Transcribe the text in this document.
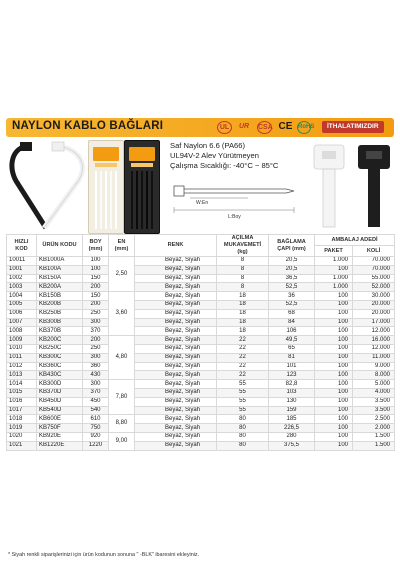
NAYLON KABLO BAĞLARI	UL	UR	CSA CE RoHS	İTHALATIMIZDIR
Saf Naylon 6.6 (PA66)
UL94V-2 Alev Yürütmeyen
Çalışma Sıcaklığı: -40°C ~ 85°C
W:En
L:Boy
HIZLI KOD	ÜRÜN KODU	BOY (mm)	EN (mm)	RENK	AÇILMA MUKAVEMETİ (kg)	BAĞLAMA ÇAPI (mm)	AMBALAJ ADEDİ	
							PAKET	KOLİ
10011	KB1000A	100	2,50	Beyaz, Siyah	8	20,5	1.000	70.000
1001	KB100A	100		Beyaz, Siyah	8	20,5	100	70.000
1002	KB150A	150		Beyaz, Siyah	8	36,5	1.000	55.000
1003	KB200A	200		Beyaz, Siyah	8	52,5	1.000	52.000
1004	KB150B	150	3,60	Beyaz, Siyah	18	36	100	30.000
1005	KB200B	200		Beyaz, Siyah	18	52,5	100	20.000
1006	KB250B	250		Beyaz, Siyah	18	68	100	20.000
1007	KB300B	300		Beyaz, Siyah	18	84	100	17.000
1008	KB370B	370		Beyaz, Siyah	18	106	100	12.000
1009	KB200C	200	4,80	Beyaz, Siyah	22	49,5	100	16.000
1010	KB250C	250		Beyaz, Siyah	22	65	100	12.000
1011	KB300C	300		Beyaz, Siyah	22	81	100	11.000
1012	KB360C	360		Beyaz, Siyah	22	101	100	9.000
1013	KB430C	430		Beyaz, Siyah	22	123	100	8.000
1014	KB300D	300	7,80	Beyaz, Siyah	55	82,8	100	5.000
1015	KB370D	370		Beyaz, Siyah	55	103	100	4.000
1016	KB450D	450		Beyaz, Siyah	55	130	100	3.500
1017	KB540D	540		Beyaz, Siyah	55	159	100	3.500
1018	KB600E	610	8,80	Beyaz, Siyah	80	185	100	2.500
1019	KB750F	750		Beyaz, Siyah	80	226,5	100	2.000
1020	KB920E	920	9,00	Beyaz, Siyah	80	280	100	1.500
1021	KB1220E	1220		Beyaz, Siyah	80	375,5	100	1.500
* Siyah renkli siparişlerinizi için ürün kodunun sonuna " -BLK" ibaresini ekleyiniz.
